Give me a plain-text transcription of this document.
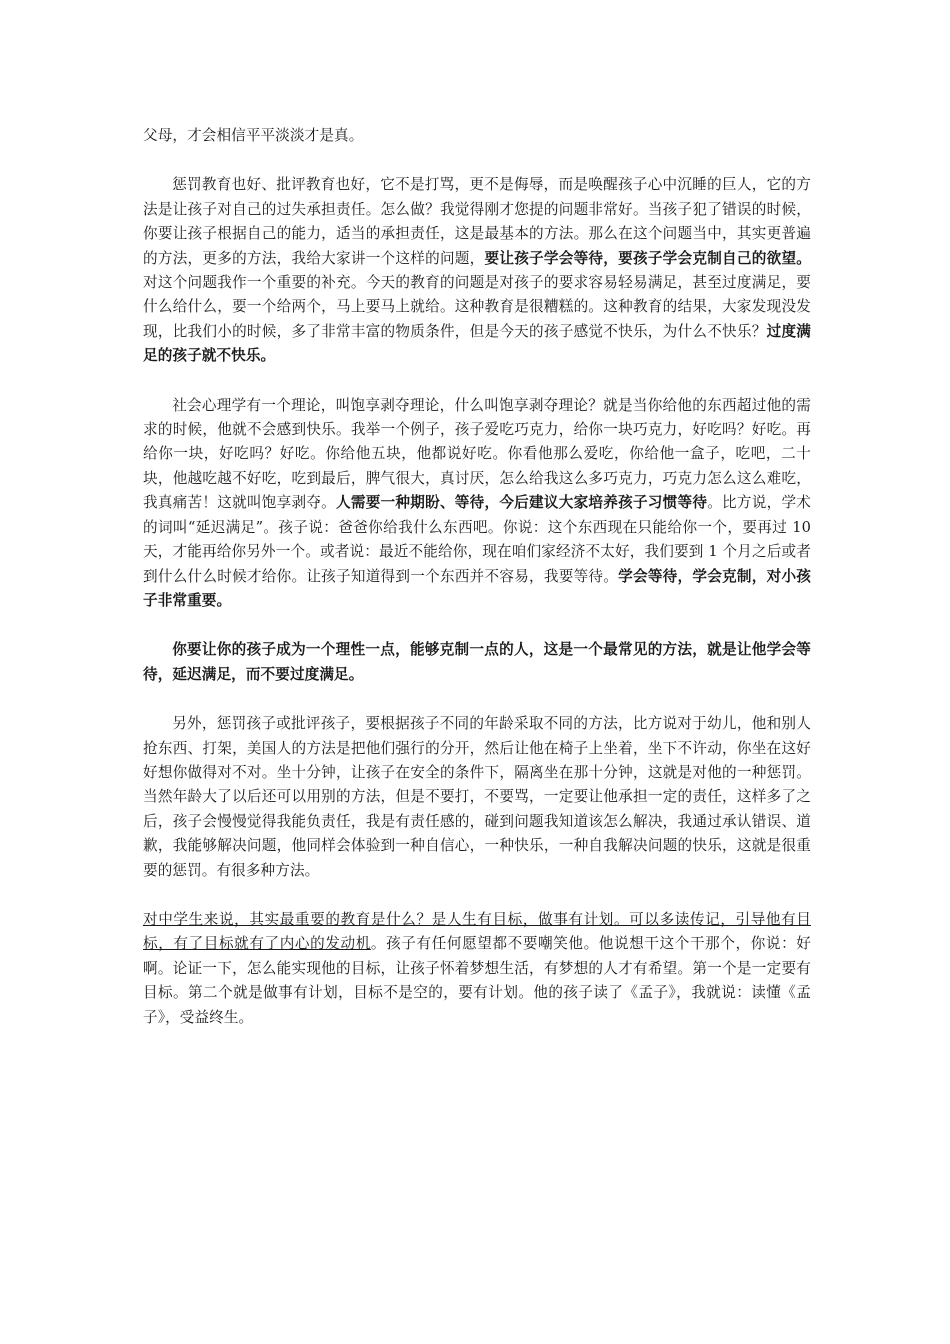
父母，才会相信平平淡淡才是真。

惩罚教育也好、批评教育也好，它不是打骂，更不是侮辱，而是唤醒孩子心中沉睡的巨人，它的方法是让孩子对自己的过失承担责任。怎么做？我觉得刚才您提的问题非常好。当孩子犯了错误的时候，你要让孩子根据自己的能力，适当的承担责任，这是最基本的方法。那么在这个问题当中，其实更普遍的方法，更多的方法，我给大家讲一个这样的问题，要让孩子学会等待，要孩子学会克制自己的欲望。对这个问题我作一个重要的补充。今天的教育的问题是对孩子的要求容易轻易满足，甚至过度满足，要什么给什么，要一个给两个，马上要马上就给。这种教育是很糟糕的。这种教育的结果，大家发现没发现，比我们小的时候，多了非常丰富的物质条件，但是今天的孩子感觉不快乐，为什么不快乐？过度满足的孩子就不快乐。

社会心理学有一个理论，叫饱享剥夺理论，什么叫饱享剥夺理论？就是当你给他的东西超过他的需求的时候，他就不会感到快乐。我举一个例子，孩子爱吃巧克力，给你一块巧克力，好吃吗？好吃。再给你一块，好吃吗？好吃。你给他五块，他都说好吃。你看他那么爱吃，你给他一盒子，吃吧，二十块，他越吃越不好吃，吃到最后，脾气很大，真讨厌，怎么给我这么多巧克力，巧克力怎么这么难吃，我真痛苦！这就叫饱享剥夺。人需要一种期盼、等待，今后建议大家培养孩子习惯等待。比方说，学术的词叫“延迟满足”。孩子说：爸爸你给我什么东西吧。你说：这个东西现在只能给你一个，要再过 10 天，才能再给你另外一个。或者说：最近不能给你，现在咱们家经济不太好，我们要到 1 个月之后或者到什么什么时候才给你。让孩子知道得到一个东西并不容易，我要等待。学会等待，学会克制，对小孩子非常重要。

你要让你的孩子成为一个理性一点，能够克制一点的人，这是一个最常见的方法，就是让他学会等待，延迟满足，而不要过度满足。

另外，惩罚孩子或批评孩子，要根据孩子不同的年龄采取不同的方法，比方说对于幼儿，他和别人抢东西、打架，美国人的方法是把他们强行的分开，然后让他在椅子上坐着，坐下不许动，你坐在这好好想你做得对不对。坐十分钟，让孩子在安全的条件下，隔离坐在那十分钟，这就是对他的一种惩罚。当然年龄大了以后还可以用别的方法，但是不要打，不要骂，一定要让他承担一定的责任，这样多了之后，孩子会慢慢觉得我能负责任，我是有责任感的，碰到问题我知道该怎么解决，我通过承认错误、道歉，我能够解决问题，他同样会体验到一种自信心，一种快乐，一种自我解决问题的快乐，这就是很重要的惩罚。有很多种方法。

对中学生来说，其实最重要的教育是什么？是人生有目标，做事有计划。可以多读传记，引导他有目标，有了目标就有了内心的发动机。孩子有任何愿望都不要嘲笑他。他说想干这个干那个，你说：好啊。论证一下，怎么能实现他的目标，让孩子怀着梦想生活，有梦想的人才有希望。第一个是一定要有目标。第二个就是做事有计划，目标不是空的，要有计划。他的孩子读了《孟子》，我就说：读懂《孟子》，受益终生。
